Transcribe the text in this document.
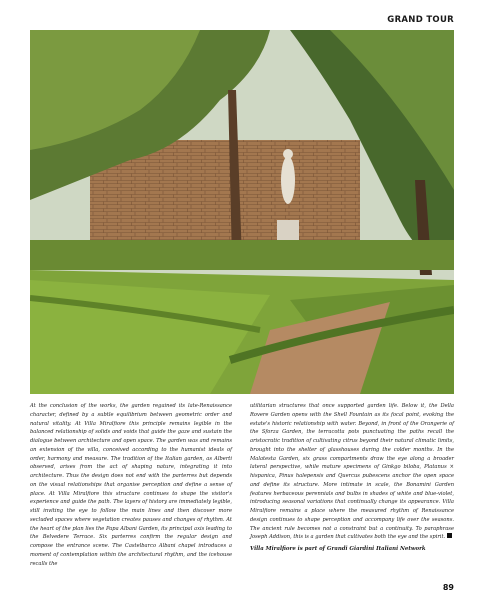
GRAND TOUR

At the conclusion of the works, the garden regained its late-Renaissance character, defined by a subtle equilibrium between geometric order and natural vitality. At Villa Miralfiore this principle remains legible in the balanced relationship of solids and voids that guide the gaze and sustain the dialogue between architecture and open space. The garden was and remains an extension of the villa, conceived according to the humanist ideals of order, harmony and measure. The tradition of the Italian garden, as Alberti observed, arises from the act of shaping nature, integrating it into architecture. Thus the design does not end with the parterres but depends on the visual relationships that organise perception and define a sense of place. At Villa Miralfiore this structure continues to shape the visitor's experience and guide the path. The layers of history are immediately legible, still inviting the eye to follow the main lines and then discover more secluded spaces where vegetation creates pauses and changes of rhythm. At the heart of the plan lies the Papa Albani Garden, its principal axis leading to the Belvedere Terrace. Six parterres confirm the regular design and compose the entrance scene. The Castelbarco Albani chapel introduces a moment of contemplation within the architectural rhythm, and the icehouse recalls the

utilitarian structures that once supported garden life. Below it, the Della Rovere Garden opens with the Shell Fountain as its focal point, evoking the estate's historic relationship with water. Beyond, in front of the Orangerie of the Sforza Garden, the terracotta pots punctuating the paths recall the aristocratic tradition of cultivating citrus beyond their natural climatic limits, brought into the shelter of glasshouses during the colder months. In the Malatesta Garden, six grass compartments draw the eye along a broader lateral perspective, while mature specimens of Ginkgo biloba, Platanus × hispanica, Pinus halepensis and Quercus pubescens anchor the open space and define its structure. More intimate in scale, the Bonamini Garden features herbaceous perennials and bulbs in shades of white and blue-violet, introducing seasonal variations that continually change its appearance. Villa Miralfiore remains a place where the measured rhythm of Renaissance design continues to shape perception and accompany life over the seasons. The ancient rule becomes not a constraint but a continuity. To paraphrase Joseph Addison, this is a garden that cultivates both the eye and the spirit.

Villa Miralfiore is part of Grandi Giardini Italiani Network

89
